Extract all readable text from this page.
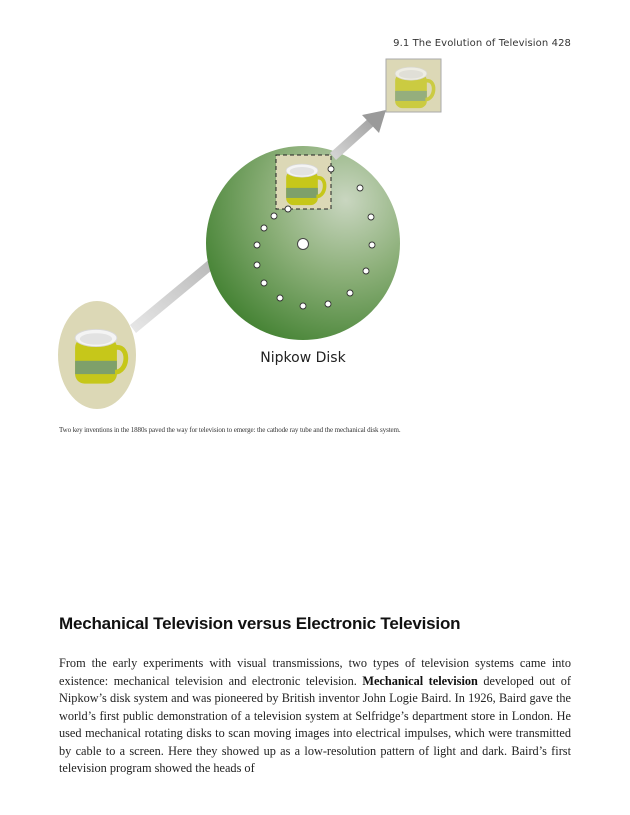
9.1 The Evolution of Television 428
Nipkow Disk
Two key inventions in the 1880s paved the way for television to emerge: the cathode ray tube and the mechanical disk system.
Mechanical Television versus Electronic Television

From the early experiments with visual transmissions, two types of television systems came into existence: mechanical television and electronic television. Mechanical television developed out of Nipkow’s disk system and was pioneered by British inventor John Logie Baird. In 1926, Baird gave the world’s first public demonstration of a television system at Selfridge’s department store in London. He used mechanical rotating disks to scan moving images into electrical impulses, which were transmitted by cable to a screen. Here they showed up as a low-resolution pattern of light and dark. Baird’s first television program showed the heads of
